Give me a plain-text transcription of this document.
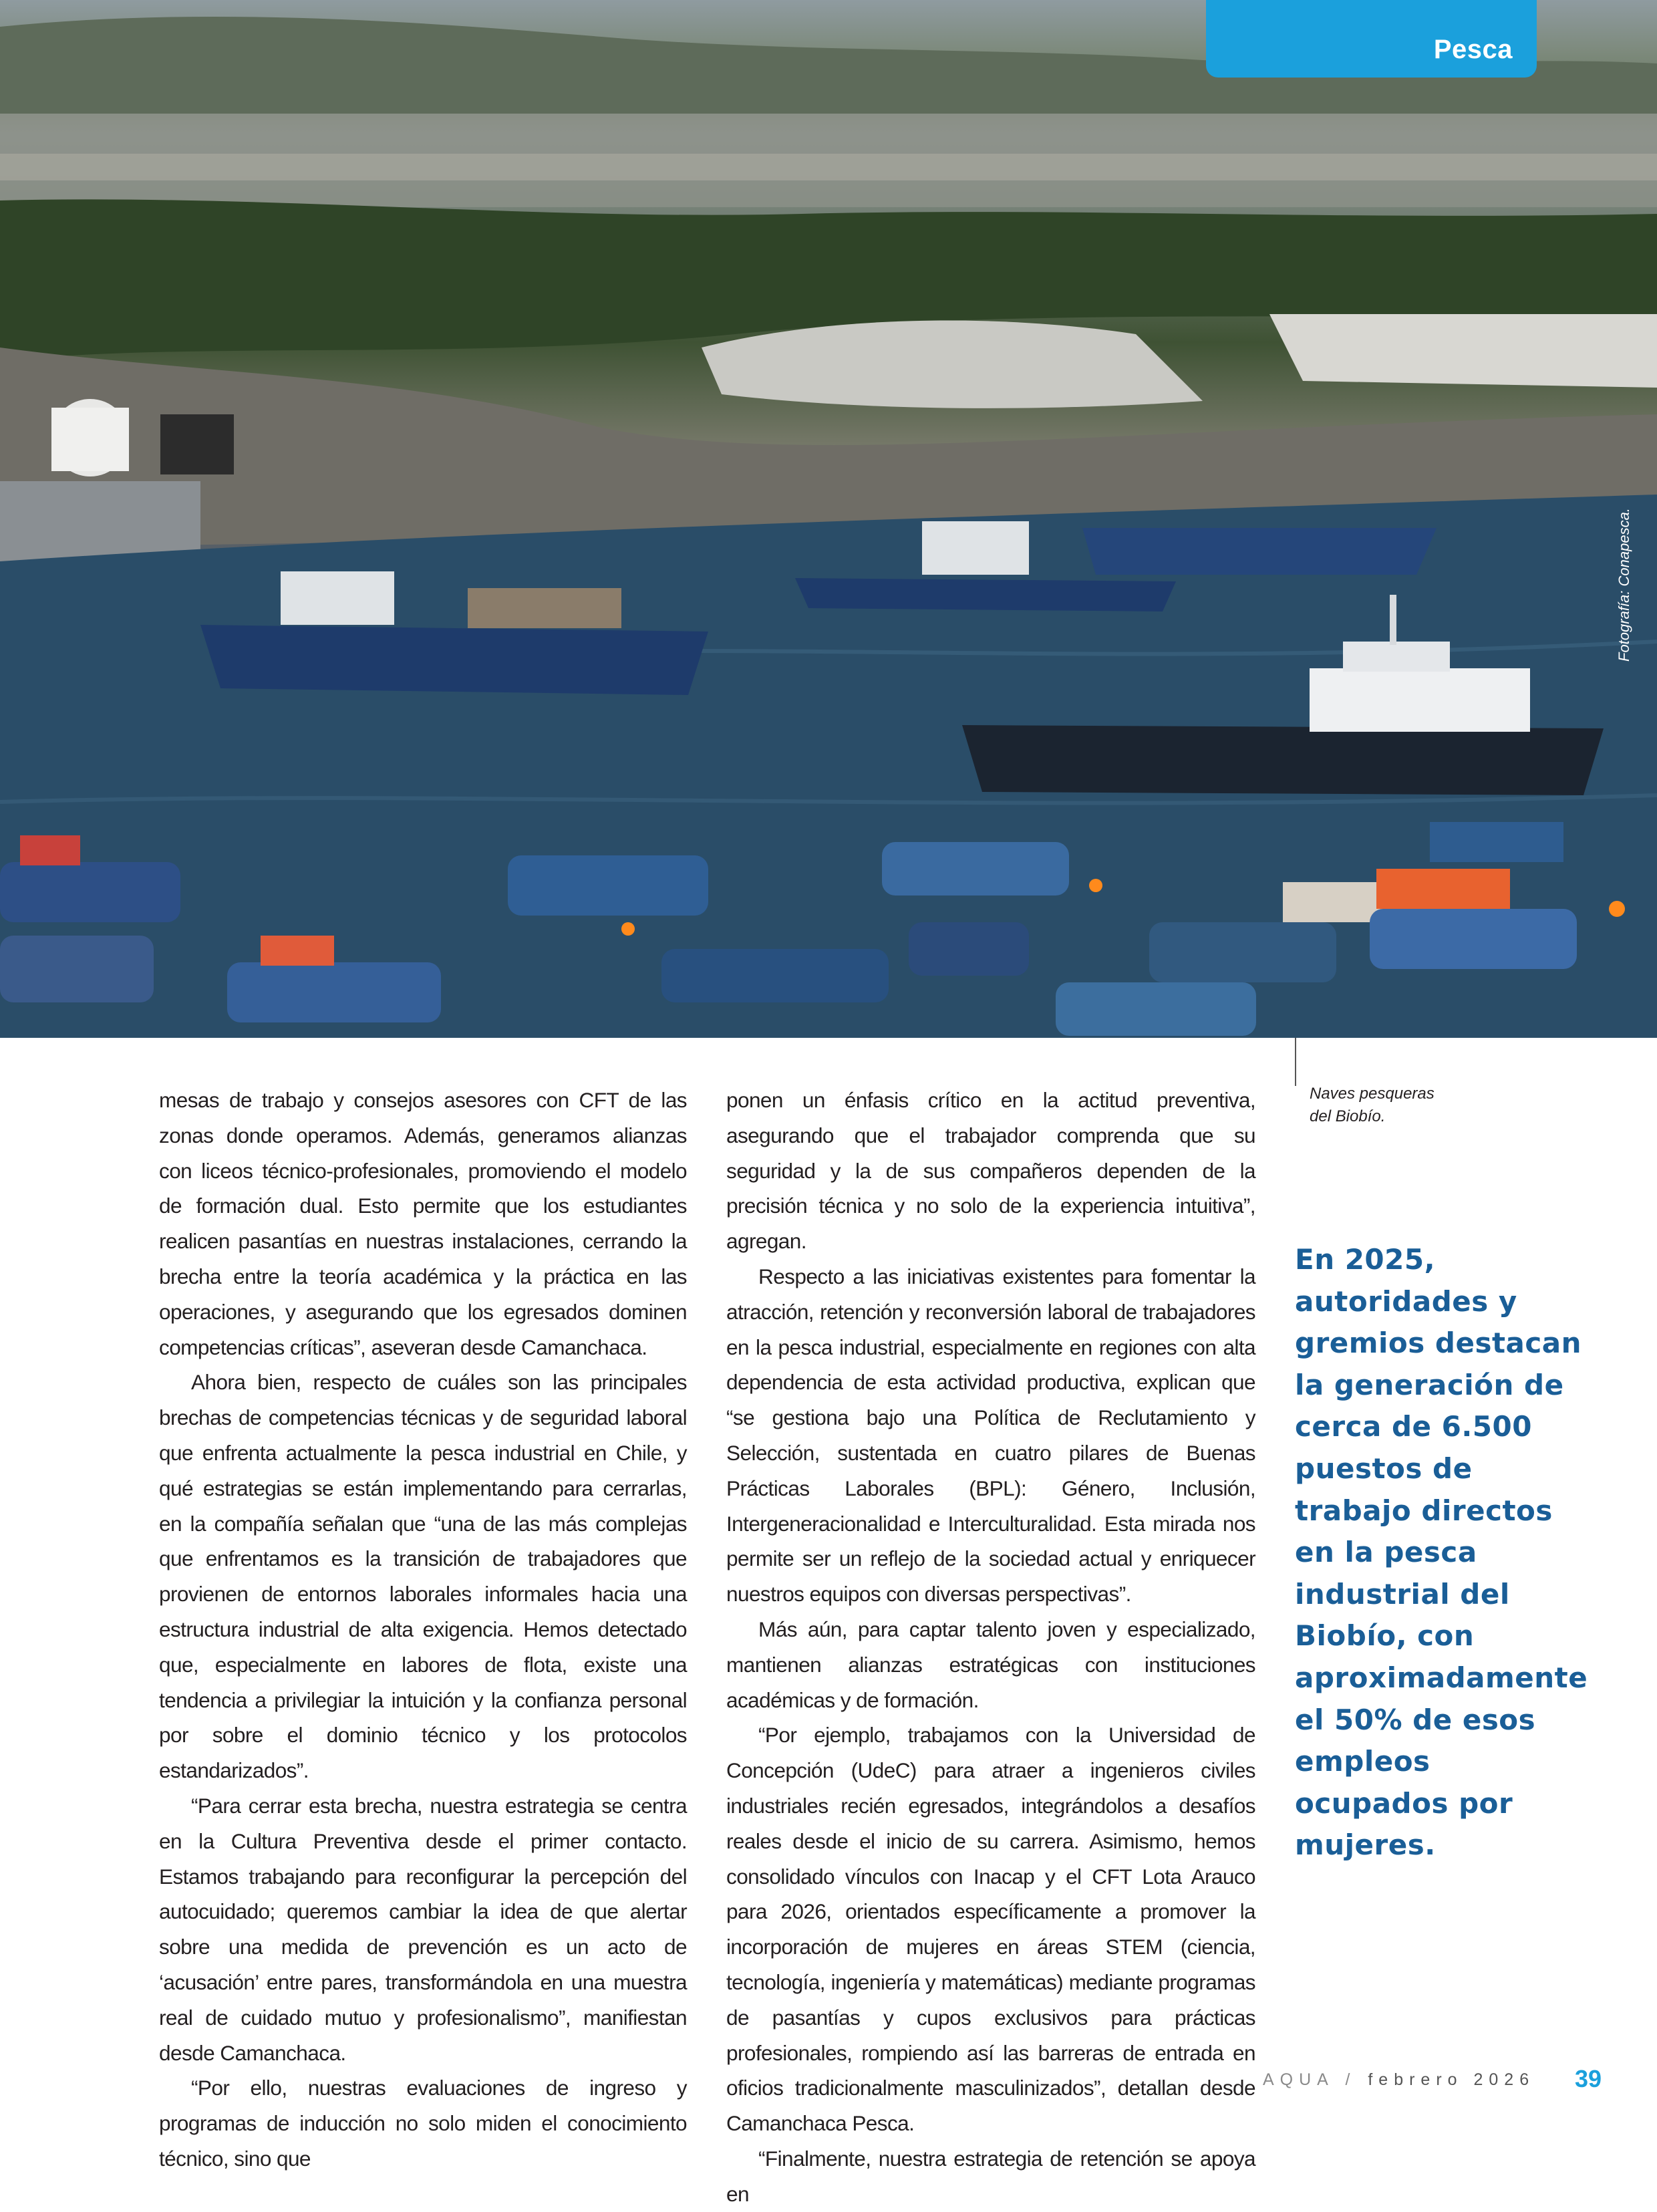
Fotografía: Conapesca.
Pesca

mesas de trabajo y consejos asesores con CFT de las zonas donde operamos. Además, generamos alianzas con liceos técnico-profesionales, promoviendo el modelo de formación dual. Esto permite que los estudiantes realicen pasantías en nuestras instalaciones, cerrando la brecha entre la teoría académica y la práctica en las operaciones, y asegurando que los egresados dominen competencias críticas”, aseveran desde Camanchaca.

Ahora bien, respecto de cuáles son las principales brechas de competencias técnicas y de seguridad laboral que enfrenta actualmente la pesca industrial en Chile, y qué estrategias se están implementando para cerrarlas, en la compañía señalan que “una de las más complejas que enfrentamos es la transición de trabajadores que provienen de entornos laborales informales hacia una estructura industrial de alta exigencia. Hemos detectado que, especialmente en labores de flota, existe una tendencia a privilegiar la intuición y la confianza personal por sobre el dominio técnico y los protocolos estandarizados”.

“Para cerrar esta brecha, nuestra estrategia se centra en la Cultura Preventiva desde el primer contacto. Estamos trabajando para reconfigurar la percepción del autocuidado; queremos cambiar la idea de que alertar sobre una medida de prevención es un acto de ‘acusación’ entre pares, transformándola en una muestra real de cuidado mutuo y profesionalismo”, manifiestan desde Camanchaca.

“Por ello, nuestras evaluaciones de ingreso y programas de inducción no solo miden el conocimiento técnico, sino que

ponen un énfasis crítico en la actitud preventiva, asegurando que el trabajador comprenda que su seguridad y la de sus compañeros dependen de la precisión técnica y no solo de la experiencia intuitiva”, agregan.

Respecto a las iniciativas existentes para fomentar la atracción, retención y reconversión laboral de trabajadores en la pesca industrial, especialmente en regiones con alta dependencia de esta actividad productiva, explican que “se gestiona bajo una Política de Reclutamiento y Selección, sustentada en cuatro pilares de Buenas Prácticas Laborales (BPL): Género, Inclusión, Intergeneracionalidad e Interculturalidad. Esta mirada nos permite ser un reflejo de la sociedad actual y enriquecer nuestros equipos con diversas perspectivas”.

Más aún, para captar talento joven y especializado, mantienen alianzas estratégicas con instituciones académicas y de formación.

“Por ejemplo, trabajamos con la Universidad de Concepción (UdeC) para atraer a ingenieros civiles industriales recién egresados, integrándolos a desafíos reales desde el inicio de su carrera. Asimismo, hemos consolidado vínculos con Inacap y el CFT Lota Arauco para 2026, orientados específicamente a promover la incorporación de mujeres en áreas STEM (ciencia, tecnología, ingeniería y matemáticas) mediante programas de pasantías y cupos exclusivos para prácticas profesionales, rompiendo así las barreras de entrada en oficios tradicionalmente masculinizados”, detallan desde Camanchaca Pesca.

“Finalmente, nuestra estrategia de retención se apoya en

Naves pesqueras
del Biobío.
En 2025, autoridades y gremios destacan la generación de cerca de 6.500 puestos de trabajo directos en la pesca industrial del Biobío, con aproximadamente el 50% de esos empleos ocupados por mujeres.
AQUA / febrero 2026 39
